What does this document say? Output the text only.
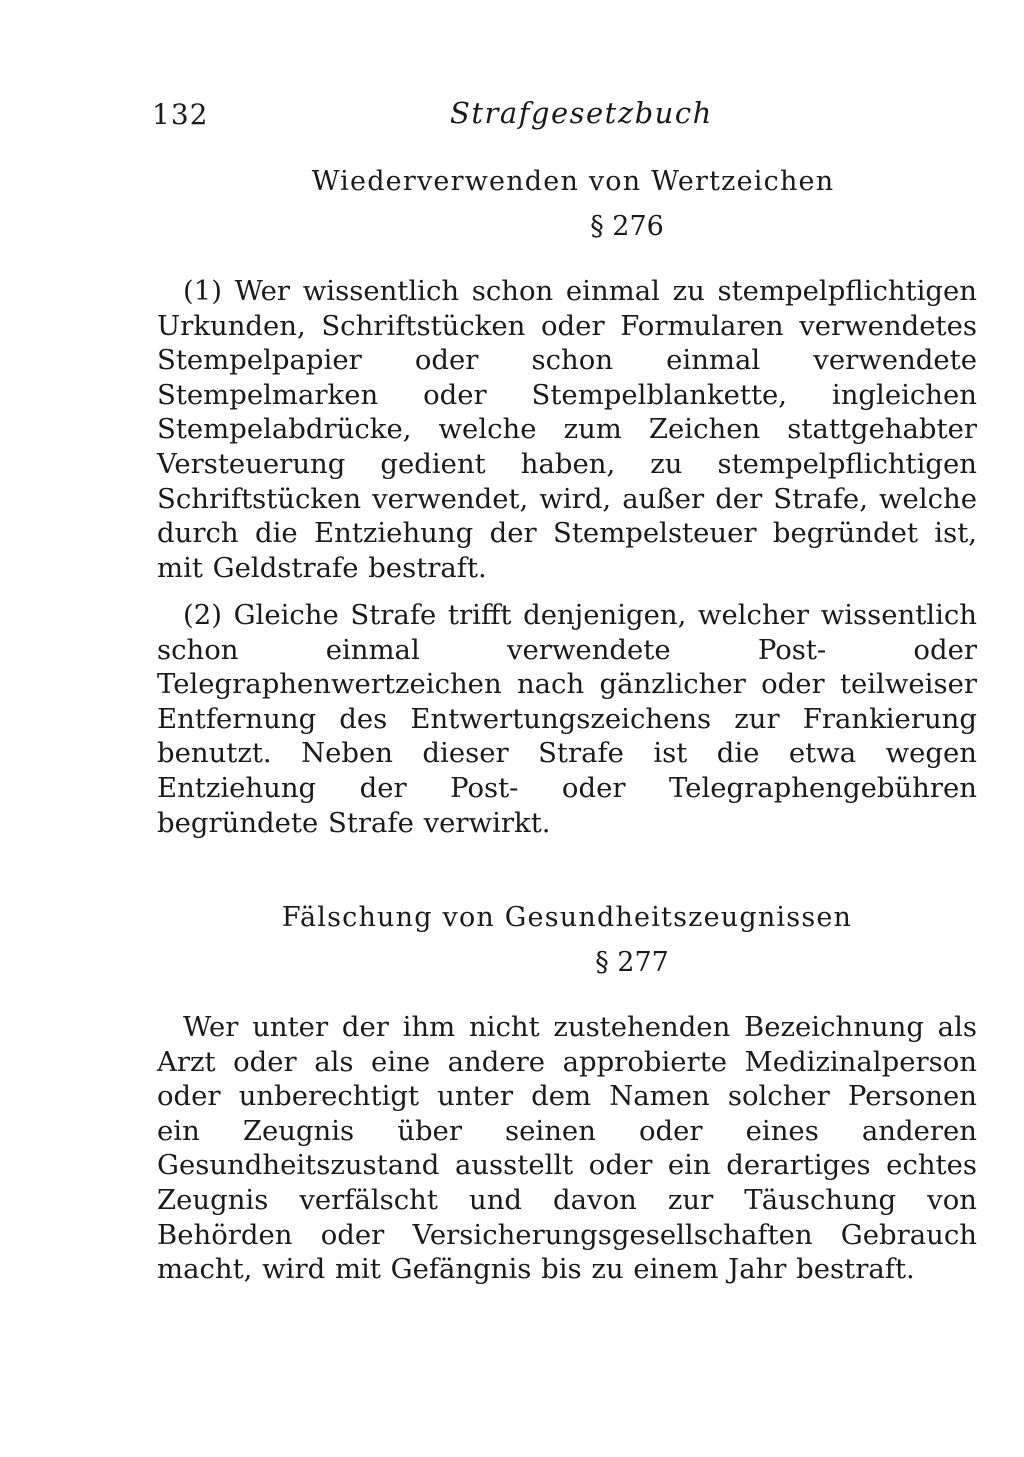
132	Strafgesetzbuch
Wiederverwenden von Wertzeichen
§ 276

(1) Wer wissentlich schon einmal zu stempelpflichtigen Urkunden, Schriftstücken oder Formularen verwendetes Stempelpapier oder schon einmal verwendete Stempelmarken oder Stempelblankette, ingleichen Stempelabdrücke, welche zum Zeichen stattgehabter Versteuerung gedient haben, zu stempelpflichtigen Schriftstücken verwendet, wird, außer der Strafe, welche durch die Entziehung der Stempelsteuer begründet ist, mit Geldstrafe bestraft.

(2) Gleiche Strafe trifft denjenigen, welcher wissentlich schon einmal verwendete Post- oder Telegraphenwertzeichen nach gänzlicher oder teilweiser Entfernung des Entwertungszeichens zur Frankierung benutzt. Neben dieser Strafe ist die etwa wegen Entziehung der Post- oder Telegraphengebühren begründete Strafe verwirkt.

Fälschung von Gesundheitszeugnissen
§ 277

Wer unter der ihm nicht zustehenden Bezeichnung als Arzt oder als eine andere approbierte Medizinalperson oder unberechtigt unter dem Namen solcher Personen ein Zeugnis über seinen oder eines anderen Gesundheitszustand ausstellt oder ein derartiges echtes Zeugnis verfälscht und davon zur Täuschung von Behörden oder Versicherungsgesellschaften Gebrauch macht, wird mit Gefängnis bis zu einem Jahr bestraft.
